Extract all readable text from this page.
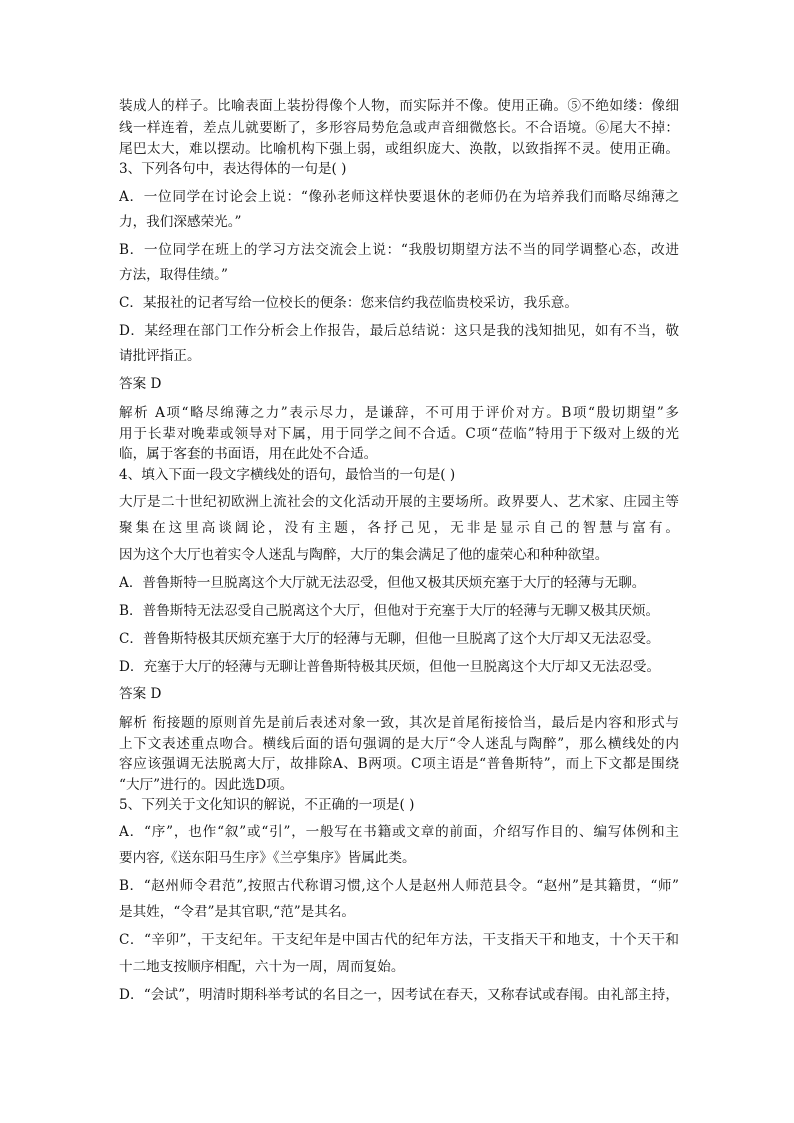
装成人的样子。比喻表面上装扮得像个人物，而实际并不像。使用正确。⑤不绝如缕：像细
线一样连着，差点儿就要断了，多形容局势危急或声音细微悠长。不合语境。⑥尾大不掉：
尾巴太大，难以摆动。比喻机构下强上弱，或组织庞大、涣散，以致指挥不灵。使用正确。
3、下列各句中，表达得体的一句是( )
A．一位同学在讨论会上说：“像孙老师这样快要退休的老师仍在为培养我们而略尽绵薄之
力，我们深感荣光。”
B．一位同学在班上的学习方法交流会上说：“我殷切期望方法不当的同学调整心态，改进
方法，取得佳绩。”
C．某报社的记者写给一位校长的便条：您来信约我莅临贵校采访，我乐意。
D．某经理在部门工作分析会上作报告，最后总结说：这只是我的浅知拙见，如有不当，敬
请批评指正。
答案 D
解析 A项“略尽绵薄之力”表示尽力，是谦辞，不可用于评价对方。B项“殷切期望”多
用于长辈对晚辈或领导对下属，用于同学之间不合适。C项“莅临”特用于下级对上级的光
临，属于客套的书面语，用在此处不合适。
4、填入下面一段文字横线处的语句，最恰当的一句是( )
大厅是二十世纪初欧洲上流社会的文化活动开展的主要场所。政界要人、艺术家、庄园主等
聚集在这里高谈阔论，没有主题，各抒己见，无非是显示自己的智慧与富有。
因为这个大厅也着实令人迷乱与陶醉，大厅的集会满足了他的虚荣心和种种欲望。
A．普鲁斯特一旦脱离这个大厅就无法忍受，但他又极其厌烦充塞于大厅的轻薄与无聊。
B．普鲁斯特无法忍受自己脱离这个大厅，但他对于充塞于大厅的轻薄与无聊又极其厌烦。
C．普鲁斯特极其厌烦充塞于大厅的轻薄与无聊，但他一旦脱离了这个大厅却又无法忍受。
D．充塞于大厅的轻薄与无聊让普鲁斯特极其厌烦，但他一旦脱离这个大厅却又无法忍受。
答案 D
解析 衔接题的原则首先是前后表述对象一致，其次是首尾衔接恰当，最后是内容和形式与
上下文表述重点吻合。横线后面的语句强调的是大厅“令人迷乱与陶醉”，那么横线处的内
容应该强调无法脱离大厅，故排除A、B两项。C项主语是“普鲁斯特”，而上下文都是围绕
“大厅”进行的。因此选D项。
5、下列关于文化知识的解说，不正确的一项是( )
A．“序”，也作“叙”或“引”，一般写在书籍或文章的前面，介绍写作目的、编写体例和主
要内容,《送东阳马生序》《兰亭集序》皆属此类。
B．“赵州师令君范”,按照古代称谓习惯,这个人是赵州人师范县令。“赵州”是其籍贯，“师”
是其姓，“令君”是其官职,“范”是其名。
C．“辛卯”，干支纪年。干支纪年是中国古代的纪年方法，干支指天干和地支，十个天干和
十二地支按顺序相配，六十为一周，周而复始。
D．“会试”，明清时期科举考试的名目之一，因考试在春天，又称春试或春闱。由礼部主持，
